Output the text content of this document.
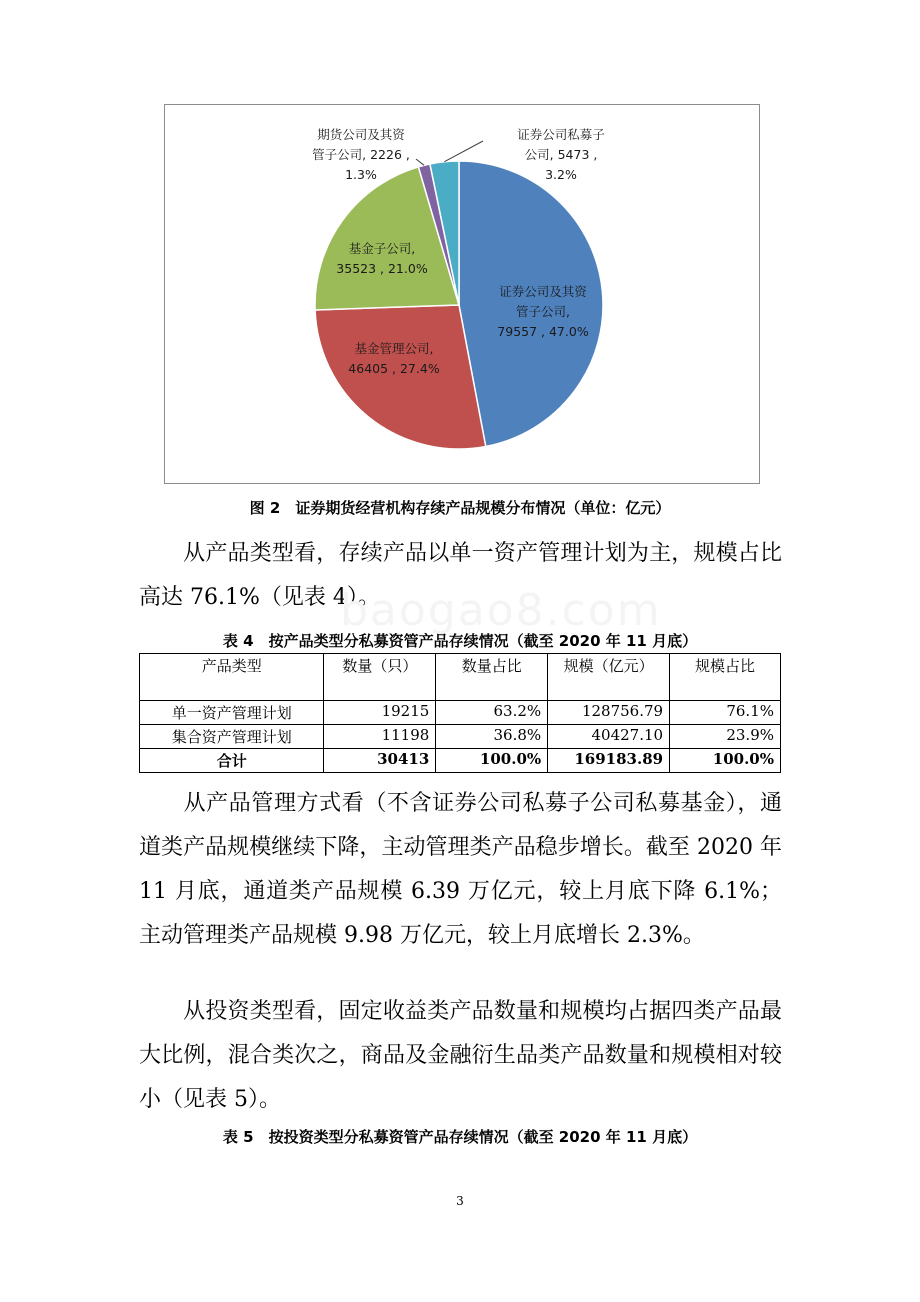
证券公司及其资管子公司, 79557 , 47.0%
基金管理公司, 46405 , 27.4%
基金子公司, 35523 , 21.0%
期货公司及其资管子公司, 2226 , 1.3%
证券公司私募子公司, 5473 , 3.2%
图 2　证券期货经营机构存续产品规模分布情况（单位：亿元）

从产品类型看，存续产品以单一资产管理计划为主，规模占比高达 76.1%（见表 4）。

baogao8.com
表 4　按产品类型分私募资管产品存续情况（截至 2020 年 11 月底）
产品类型	数量（只）	数量占比	规模（亿元）	规模占比
单一资产管理计划	19215	63.2%	128756.79	76.1%
集合资产管理计划	11198	36.8%	40427.10	23.9%
合计	30413	100.0%	169183.89	100.0%

从产品管理方式看（不含证券公司私募子公司私募基金），通道类产品规模继续下降，主动管理类产品稳步增长。截至 2020 年 11 月底，通道类产品规模 6.39 万亿元，较上月底下降 6.1%；主动管理类产品规模 9.98 万亿元，较上月底增长 2.3%。

从投资类型看，固定收益类产品数量和规模均占据四类产品最大比例，混合类次之，商品及金融衍生品类产品数量和规模相对较小（见表 5）。

表 5　按投资类型分私募资管产品存续情况（截至 2020 年 11 月底）
3
